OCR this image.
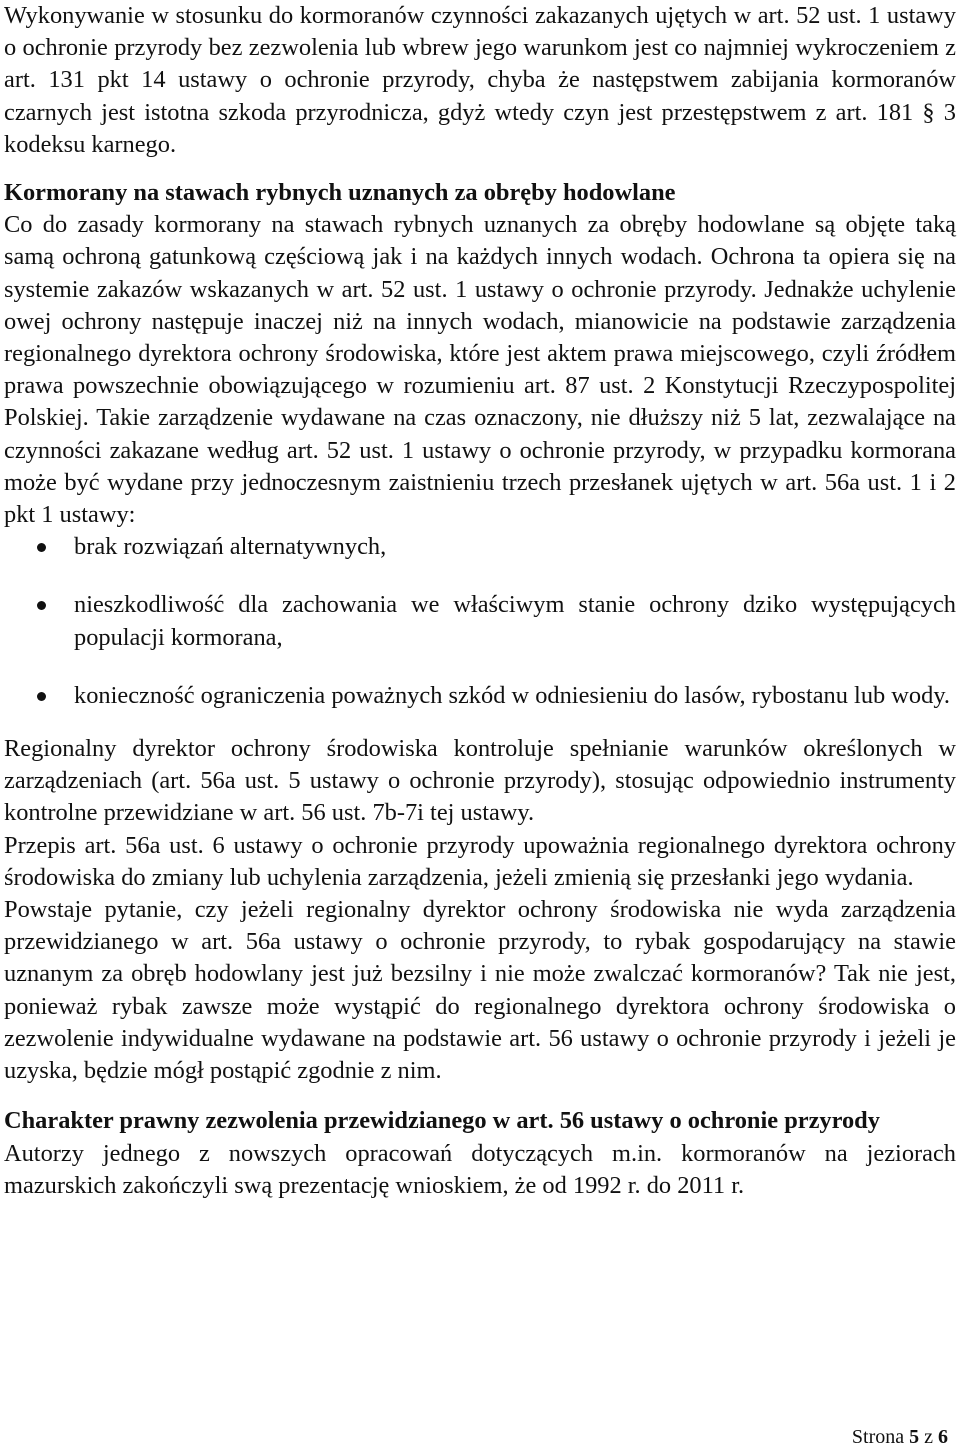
Wykonywanie w stosunku do kormoranów czynności zakazanych ujętych w art. 52 ust. 1 ustawy o ochronie przyrody bez zezwolenia lub wbrew jego warunkom jest co najmniej wykroczeniem z art. 131 pkt 14 ustawy o ochronie przyrody, chyba że następstwem zabijania kormoranów czarnych jest istotna szkoda przyrodnicza, gdyż wtedy czyn jest przestępstwem z art. 181 § 3 kodeksu karnego.

Kormorany na stawach rybnych uznanych za obręby hodowlane

Co do zasady kormorany na stawach rybnych uznanych za obręby hodowlane są objęte taką samą ochroną gatunkową częściową jak i na każdych innych wodach. Ochrona ta opiera się na systemie zakazów wskazanych w art. 52 ust. 1 ustawy o ochronie przyrody. Jednakże uchylenie owej ochrony następuje inaczej niż na innych wodach, mianowicie na podstawie zarządzenia regionalnego dyrektora ochrony środowiska, które jest aktem prawa miejscowego, czyli źródłem prawa powszechnie obowiązującego w rozumieniu art. 87 ust. 2 Konstytucji Rzeczypospolitej Polskiej. Takie zarządzenie wydawane na czas oznaczony, nie dłuższy niż 5 lat, zezwalające na czynności zakazane według art. 52 ust. 1 ustawy o ochronie przyrody, w przypadku kormorana może być wydane przy jednoczesnym zaistnieniu trzech przesłanek ujętych w art. 56a ust. 1 i 2 pkt 1 ustawy:

brak rozwiązań alternatywnych,
nieszkodliwość dla zachowania we właściwym stanie ochrony dziko występujących populacji kormorana,
konieczność ograniczenia poważnych szkód w odniesieniu do lasów, rybostanu lub wody.

Regionalny dyrektor ochrony środowiska kontroluje spełnianie warunków określonych w zarządzeniach (art. 56a ust. 5 ustawy o ochronie przyrody), stosując odpowiednio instrumenty kontrolne przewidziane w art. 56 ust. 7b-7i tej ustawy.

Przepis art. 56a ust. 6 ustawy o ochronie przyrody upoważnia regionalnego dyrektora ochrony środowiska do zmiany lub uchylenia zarządzenia, jeżeli zmienią się przesłanki jego wydania.

Powstaje pytanie, czy jeżeli regionalny dyrektor ochrony środowiska nie wyda zarządzenia przewidzianego w art. 56a ustawy o ochronie przyrody, to rybak gospodarujący na stawie uznanym za obręb hodowlany jest już bezsilny i nie może zwalczać kormoranów? Tak nie jest, ponieważ rybak zawsze może wystąpić do regionalnego dyrektora ochrony środowiska o zezwolenie indywidualne wydawane na podstawie art. 56 ustawy o ochronie przyrody i jeżeli je uzyska, będzie mógł postąpić zgodnie z nim.

Charakter prawny zezwolenia przewidzianego w art. 56 ustawy o ochronie przyrody

Autorzy jednego z nowszych opracowań dotyczących m.in. kormoranów na jeziorach mazurskich zakończyli swą prezentację wnioskiem, że od 1992 r. do 2011 r.

Strona 5 z 6
